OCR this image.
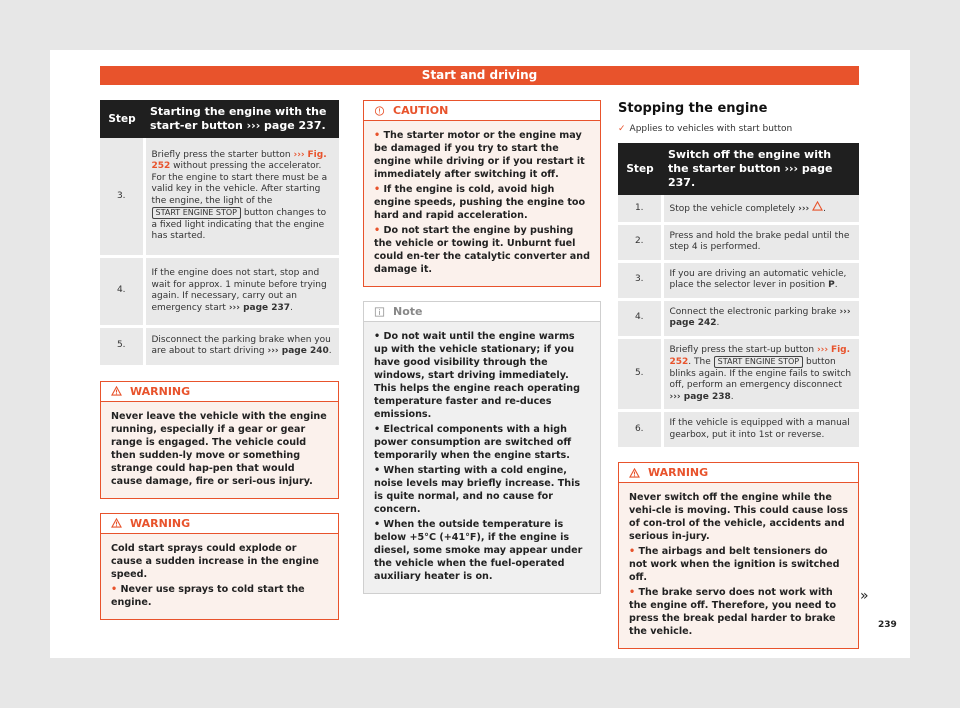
Start and driving
Step	Starting the engine with the start-er button ››› page 237.
3.	Briefly press the starter button ››› Fig. 252 without pressing the accelerator. For the engine to start there must be a valid key in the vehicle. After starting the engine, the light of the START ENGINE STOP button changes to a fixed light indicating that the engine has started.
4.	If the engine does not start, stop and wait for approx. 1 minute before trying again. If necessary, carry out an emergency start ››› page 237.
5.	Disconnect the parking brake when you are about to start driving ››› page 240.
WARNING

Never leave the vehicle with the engine running, especially if a gear or gear range is engaged. The vehicle could then sudden-ly move or something strange could hap-pen that would cause damage, fire or seri-ous injury.

WARNING

Cold start sprays could explode or cause a sudden increase in the engine speed.

• Never use sprays to cold start the engine.

CAUTION

• The starter motor or the engine may be damaged if you try to start the engine while driving or if you restart it immediately after switching it off.

• If the engine is cold, avoid high engine speeds, pushing the engine too hard and rapid acceleration.

• Do not start the engine by pushing the vehicle or towing it. Unburnt fuel could en-ter the catalytic converter and damage it.

Note

• Do not wait until the engine warms up with the vehicle stationary; if you have good visibility through the windows, start driving immediately. This helps the engine reach operating temperature faster and re-duces emissions.

• Electrical components with a high power consumption are switched off temporarily when the engine starts.

• When starting with a cold engine, noise levels may briefly increase. This is quite normal, and no cause for concern.

• When the outside temperature is below +5°C (+41°F), if the engine is diesel, some smoke may appear under the vehicle when the fuel-operated auxiliary heater is on.

Stopping the engine
✓ Applies to vehicles with start button
Step	Switch off the engine with the starter button ››› page 237.
1.	Stop the vehicle completely ››› .
2.	Press and hold the brake pedal until the step 4 is performed.
3.	If you are driving an automatic vehicle, place the selector lever in position P.
4.	Connect the electronic parking brake ››› page 242.
5.	Briefly press the start-up button ››› Fig. 252. The START ENGINE STOP button blinks again. If the engine fails to switch off, perform an emergency disconnect ››› page 238.
6.	If the vehicle is equipped with a manual gearbox, put it into 1st or reverse.
WARNING

Never switch off the engine while the vehi-cle is moving. This could cause loss of con-trol of the vehicle, accidents and serious in-jury.

• The airbags and belt tensioners do not work when the ignition is switched off.

• The brake servo does not work with the engine off. Therefore, you need to press the break pedal harder to brake the vehicle.

»
239
